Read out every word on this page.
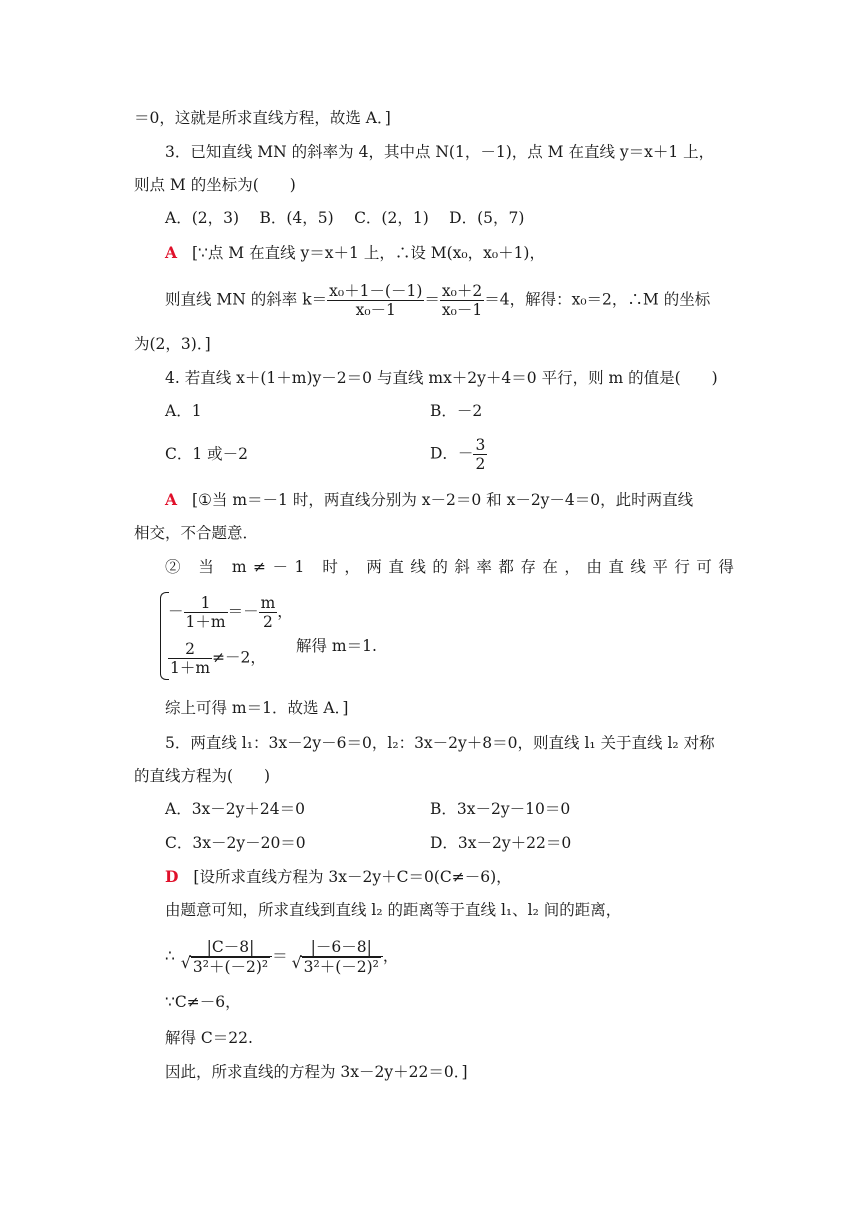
＝0，这就是所求直线方程，故选 A．]
3．已知直线 MN 的斜率为 4，其中点 N(1，－1)，点 M 在直线 y＝x＋1 上，
则点 M 的坐标为(　　)
A．(2，3)　 B．(4，5)　 C．(2，1)　 D．(5，7)
A [∵点 M 在直线 y＝x＋1 上，∴设 M(x₀，x₀＋1)，
则直线 MN 的斜率 $k= \frac{\text{x₀＋1－(－1)}}{\text{x₀－1}} = \frac{\text{x₀＋2}}{\text{x₀－1}} =4$，解得：x₀＝2，∴M 的坐标
为(2，3)．]
4. 若直线 x＋(1＋m)y－2＝0 与直线 mx＋2y＋4＝0 平行，则 m 的值是(　　)
A．1	B．－2
C．1 或－2	D．－ $\frac{3}{2}$
A [①当 m＝－1 时，两直线分别为 x－2＝0 和 x－2y－4＝0，此时两直线
相交，不合题意．
② 当 m≠－1 时，两直线的斜率都存在，由直线平行可得
－ $\frac{1}{1+m} =- \frac{m}{2}$ ，
$\frac{2}{1+m} \ne-2$，
解得 m＝1.
综上可得 m＝1．故选 A．]
5．两直线 l₁：3x－2y－6＝0，l₂：3x－2y＋8＝0，则直线 l₁ 关于直线 l₂ 对称
的直线方程为(　　)
A．3x－2y＋24＝0	B．3x－2y－10＝0
C．3x－2y－20＝0	D．3x－2y＋22＝0
D [设所求直线方程为 3x－2y＋C＝0(C≠－6)，
由题意可知，所求直线到直线 l₂ 的距离等于直线 l₁、l₂ 间的距离，
∴ |C－8|
√ 3²＋(－2)² ＝ |－6－8|
√ 3²＋(－2)² ，
∵C≠－6，
解得 C＝22.
因此，所求直线的方程为 3x－2y＋22＝0．]
